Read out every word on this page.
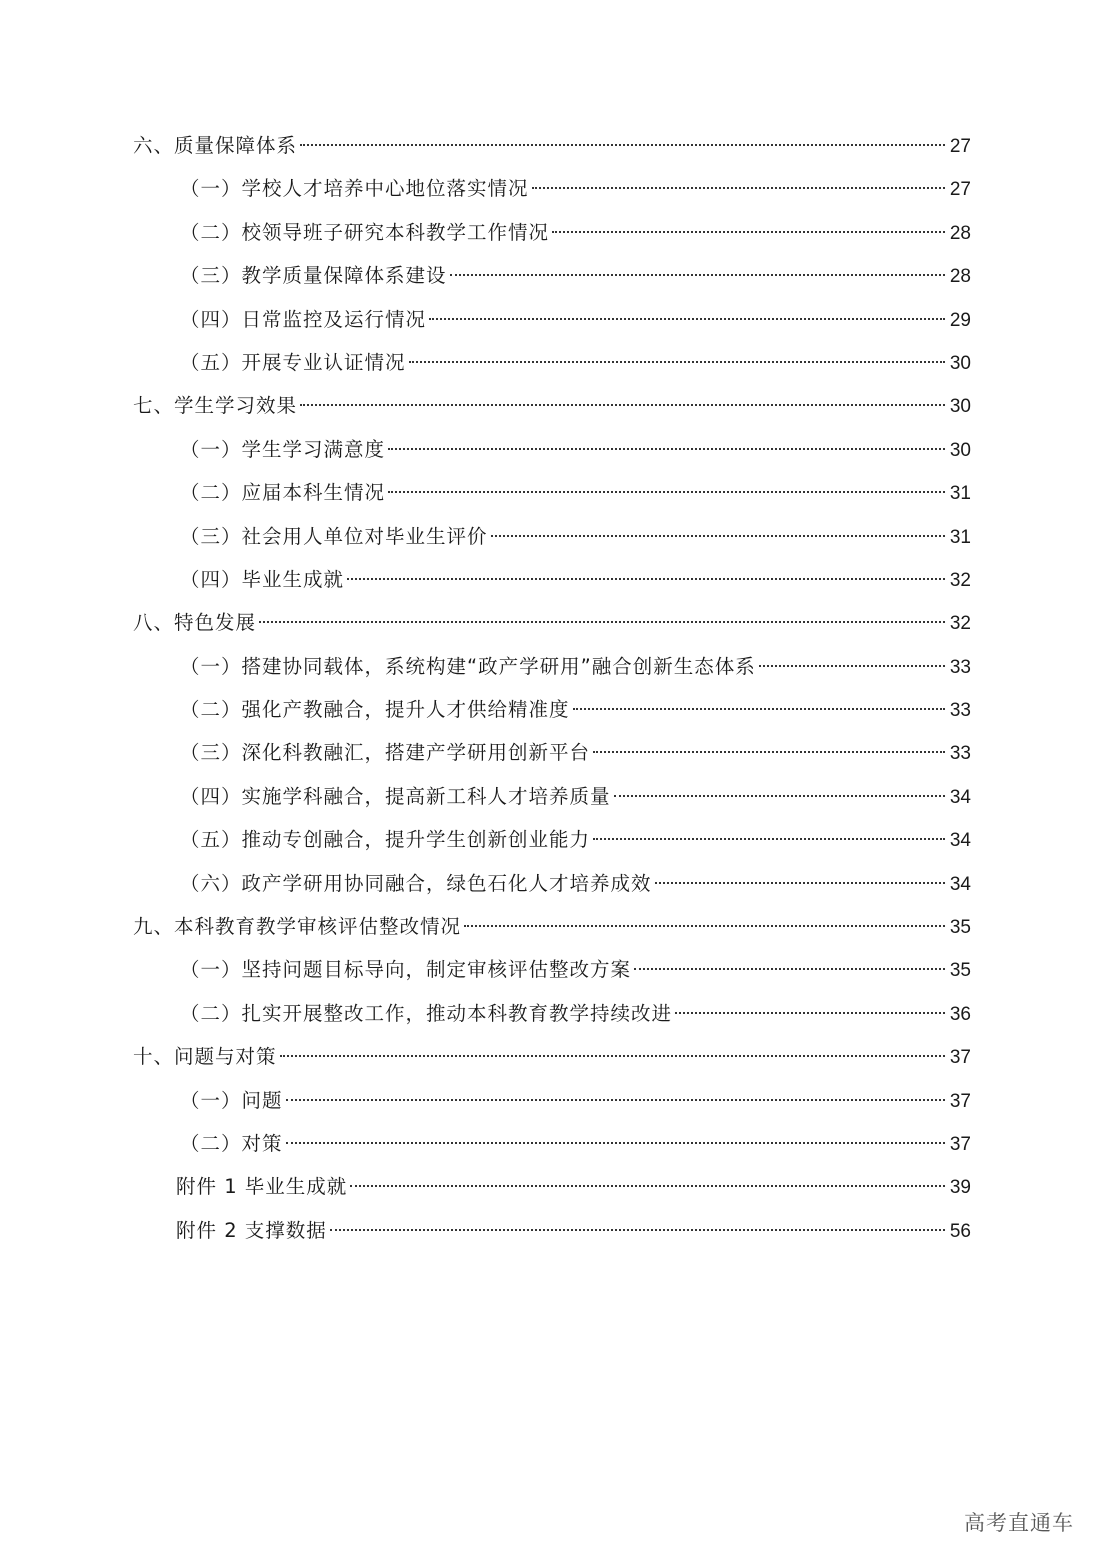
六、质量保障体系	27
（一）学校人才培养中心地位落实情况	27
（二）校领导班子研究本科教学工作情况	28
（三）教学质量保障体系建设	28
（四）日常监控及运行情况	29
（五）开展专业认证情况	30
七、学生学习效果	30
（一）学生学习满意度	30
（二）应届本科生情况	31
（三）社会用人单位对毕业生评价	31
（四）毕业生成就	32
八、特色发展	32
（一）搭建协同载体，系统构建“政产学研用”融合创新生态体系	33
（二）强化产教融合，提升人才供给精准度	33
（三）深化科教融汇，搭建产学研用创新平台	33
（四）实施学科融合，提高新工科人才培养质量	34
（五）推动专创融合，提升学生创新创业能力	34
（六）政产学研用协同融合，绿色石化人才培养成效	34
九、本科教育教学审核评估整改情况	35
（一）坚持问题目标导向，制定审核评估整改方案	35
（二）扎实开展整改工作，推动本科教育教学持续改进	36
十、问题与对策	37
（一）问题	37
（二）对策	37
附件 1 毕业生成就	39
附件 2 支撑数据	56
高考直通车
